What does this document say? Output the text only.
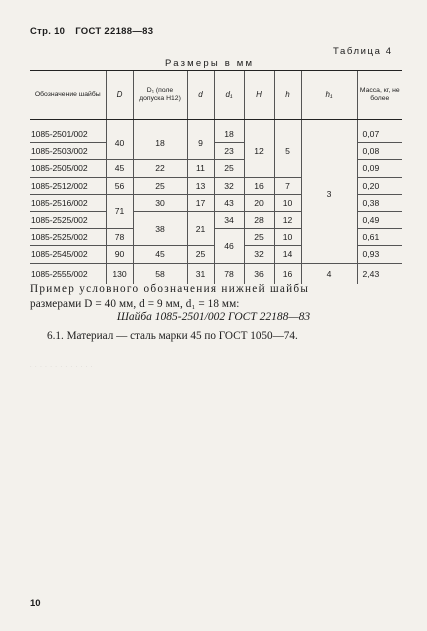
Стр. 10 ГОСТ 22188—83
Таблица 4
Размеры в мм
Обозначение шайбы	D	D₁ (поле допуска H12)	d	d₁	H	h	h₁	Масса, кг, не более
1085-2501/002	40	18	9	18	12	5	3	0,07
1085-2503/002				23				0,08
1085-2505/002	45	22	11	25				0,09
1085-2512/002	56	25	13	32	16	7		0,20
1085-2516/002	71	30	17	43	20	10		0,38
1085-2525/002		38	21	34	28	12		0,49
1085-2525/002	78			46	25	10		0,61
1085-2545/002	90	45	25		32	14		0,93
1085-2555/002	130	58	31	78	36	16	4	2,43
Пример условного обозначения нижней шайбы
размерами D = 40 мм, d = 9 мм, d₁ = 18 мм:
Шайба 1085-2501/002 ГОСТ 22188—83
6.1. Материал — сталь марки 45 по ГОСТ 1050—74.
· · · · · · · · · · · · ·
10
